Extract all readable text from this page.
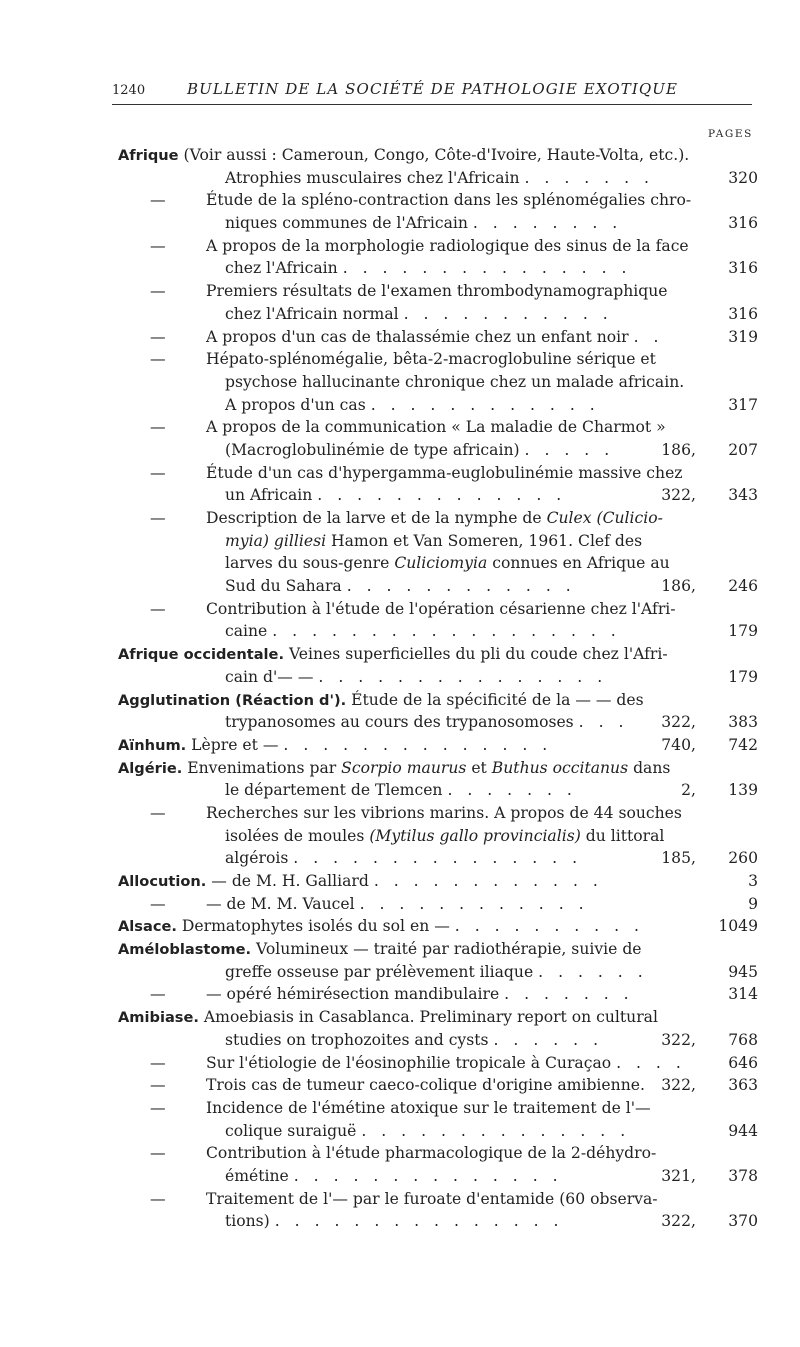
1240	BULLETIN DE LA SOCIÉTÉ DE PATHOLOGIE EXOTIQUE
PAGES
Afrique (Voir aussi : Cameroun, Congo, Côte-d'Ivoire, Haute-Volta, etc.).
Atrophies musculaires chez l'Africain . . . . . . .	320
—	Étude de la spléno-contraction dans les splénomégalies chro-
niques communes de l'Africain . . . . . . . .	316
—	A propos de la morphologie radiologique des sinus de la face
chez l'Africain . . . . . . . . . . . . . . .	316
—	Premiers résultats de l'examen thrombodynamographique
chez l'Africain normal . . . . . . . . . . .	316
—	A propos d'un cas de thalassémie chez un enfant noir . .	319
—	Hépato-splénomégalie, bêta-2-macroglobuline sérique et
psychose hallucinante chronique chez un malade africain.
A propos d'un cas . . . . . . . . . . . .	317
—	A propos de la communication « La maladie de Charmot »
(Macroglobulinémie de type africain) . . . . .	186, 207
—	Étude d'un cas d'hypergamma-euglobulinémie massive chez
un Africain . . . . . . . . . . . . .	322, 343
—	Description de la larve et de la nymphe de Culex (Culicio-
myia) gilliesi Hamon et Van Someren, 1961. Clef des
larves du sous-genre Culiciomyia connues en Afrique au
Sud du Sahara . . . . . . . . . . . .	186, 246
—	Contribution à l'étude de l'opération césarienne chez l'Afri-
caine . . . . . . . . . . . . . . . . . .	179
Afrique occidentale. Veines superficielles du pli du coude chez l'Afri-
cain d'— — . . . . . . . . . . . . . . .	179
Agglutination (Réaction d'). Étude de la spécificité de la — — des
trypanosomes au cours des trypanosomoses . . . 322, 383
Aïnhum. Lèpre et — . . . . . . . . . . . . . .	740, 742
Algérie. Envenimations par Scorpio maurus et Buthus occitanus dans
le département de Tlemcen . . . . . . .	2, 139
—	Recherches sur les vibrions marins. A propos de 44 souches
isolées de moules (Mytilus gallo provincialis) du littoral
algérois . . . . . . . . . . . . . . .	185, 260
Allocution. — de M. H. Galliard . . . . . . . . . . . .	3
—	— de M. M. Vaucel . . . . . . . . . . . .	9
Alsace. Dermatophytes isolés du sol en — . . . . . . . . . .	1049
Améloblastome. Volumineux — traité par radiothérapie, suivie de
greffe osseuse par prélèvement iliaque . . . . . .	945
—	— opéré hémirésection mandibulaire . . . . . . .	314
Amibiase. Amoebiasis in Casablanca. Preliminary report on cultural
studies on trophozoites and cysts . . . . . .	322, 768
—	Sur l'étiologie de l'éosinophilie tropicale à Curaçao . . . .	646
—	Trois cas de tumeur caeco-colique d'origine amibienne. 322, 363
—	Incidence de l'émétine atoxique sur le traitement de l'—
colique suraiguë . . . . . . . . . . . . . .	944
—	Contribution à l'étude pharmacologique de la 2-déhydro-
émétine . . . . . . . . . . . . . .	321, 378
—	Traitement de l'— par le furoate d'entamide (60 observa-
tions) . . . . . . . . . . . . . . .	322, 370
